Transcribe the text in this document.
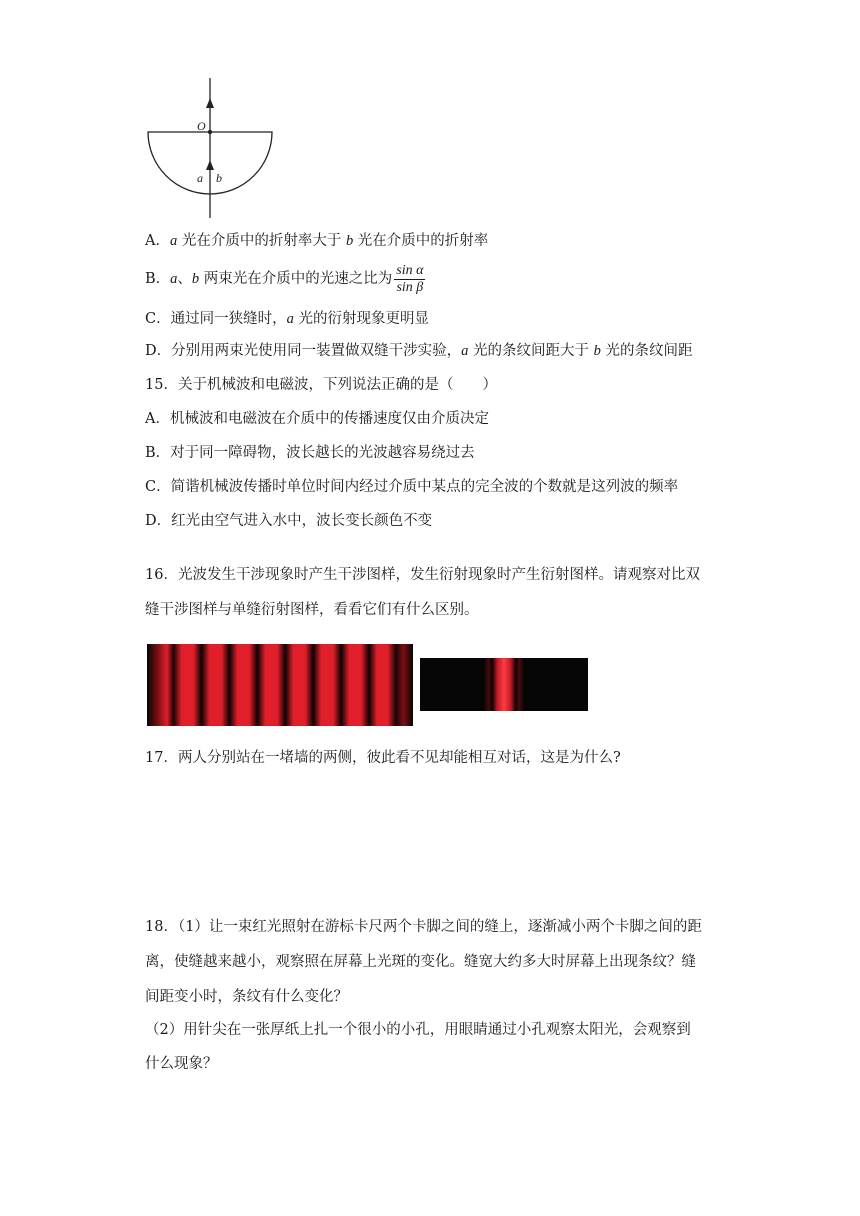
O
a b
A．a 光在介质中的折射率大于 b 光在介质中的折射率
B．a、b 两束光在介质中的光速之比为 $\frac{\text{sin α}}{\text{sin β}}$
C．通过同一狭缝时，a 光的衍射现象更明显
D．分别用两束光使用同一装置做双缝干涉实验，a 光的条纹间距大于 b 光的条纹间距
15．关于机械波和电磁波，下列说法正确的是（　　）
A．机械波和电磁波在介质中的传播速度仅由介质决定
B．对于同一障碍物，波长越长的光波越容易绕过去
C．简谐机械波传播时单位时间内经过介质中某点的完全波的个数就是这列波的频率
D．红光由空气进入水中，波长变长颜色不变
16．光波发生干涉现象时产生干涉图样，发生衍射现象时产生衍射图样。请观察对比双
缝干涉图样与单缝衍射图样，看看它们有什么区别。
17．两人分别站在一堵墙的两侧，彼此看不见却能相互对话，这是为什么?
18．（1）让一束红光照射在游标卡尺两个卡脚之间的缝上，逐渐减小两个卡脚之间的距
离，使缝越来越小，观察照在屏幕上光斑的变化。缝宽大约多大时屏幕上出现条纹？缝
间距变小时，条纹有什么变化？
（2）用针尖在一张厚纸上扎一个很小的小孔，用眼睛通过小孔观察太阳光，会观察到
什么现象？
